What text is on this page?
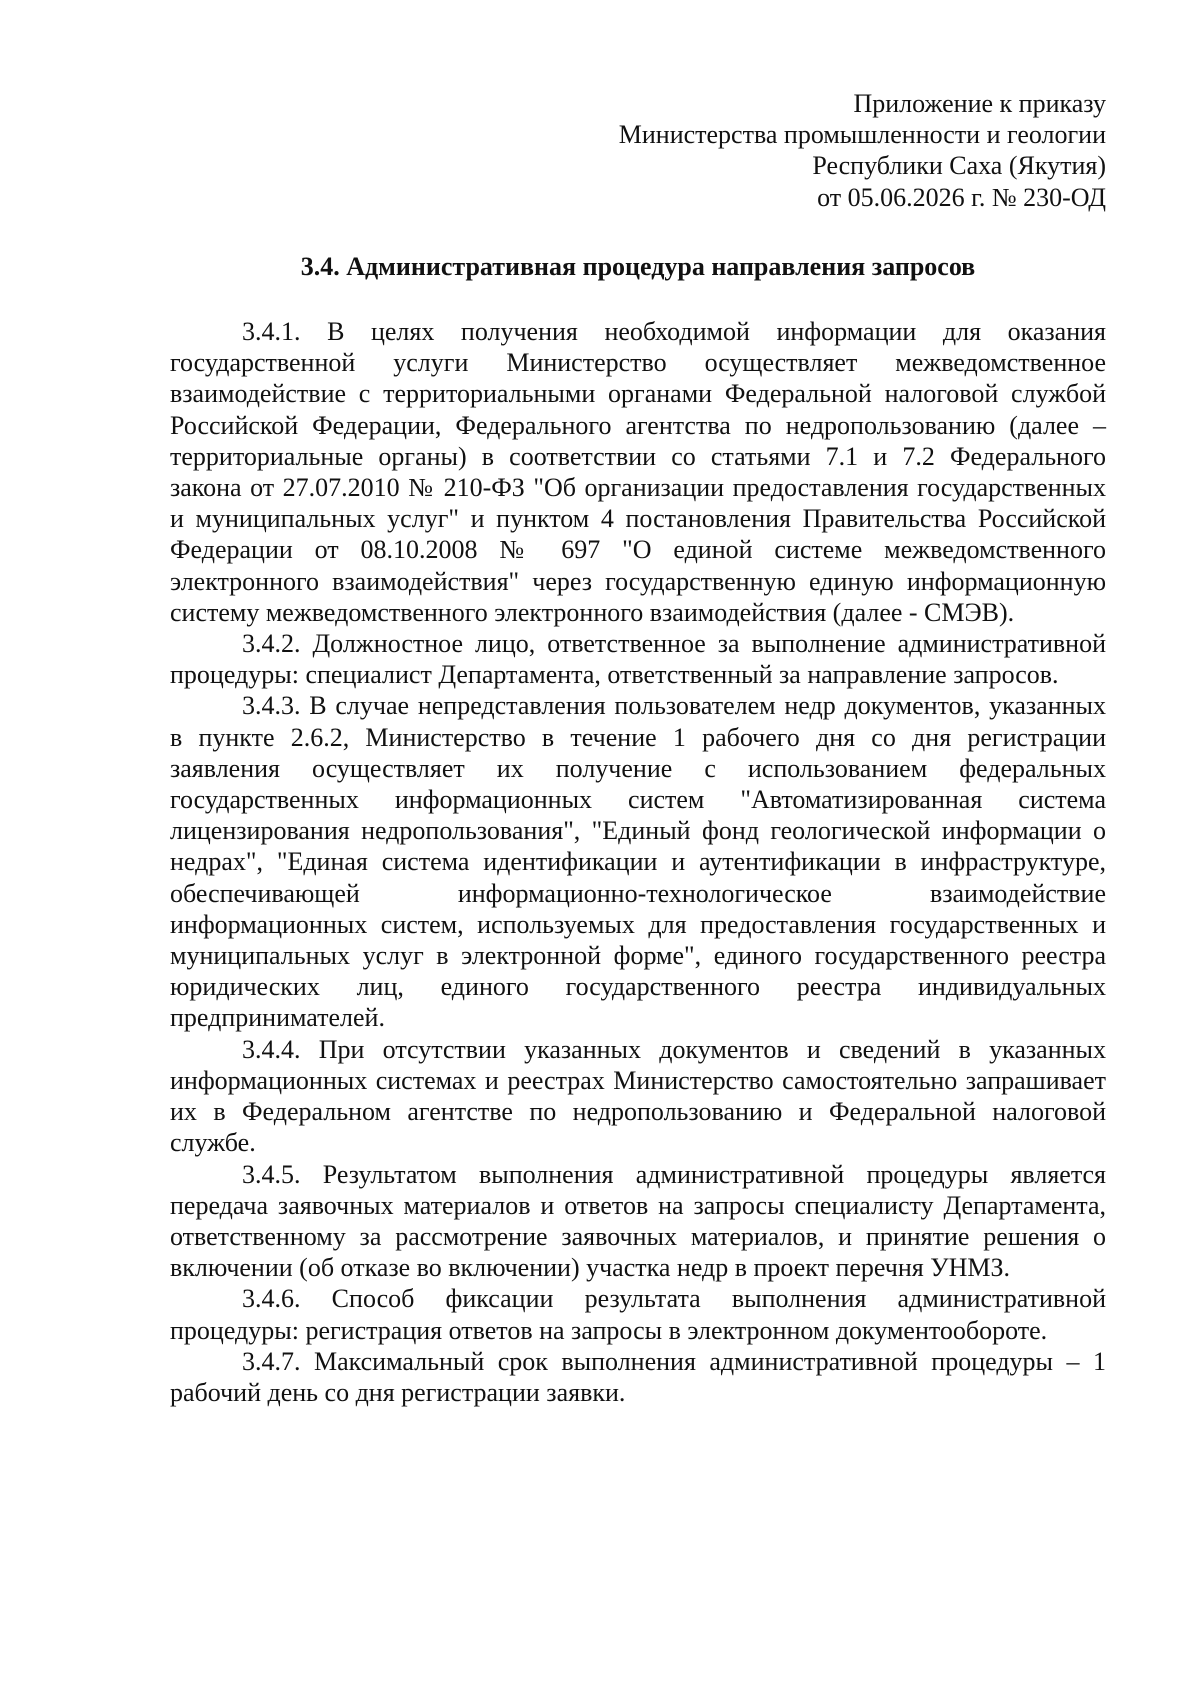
Приложение к приказу
Министерства промышленности и геологии
Республики Саха (Якутия)
от 05.06.2026 г. № 230-ОД
3.4. Административная процедура направления запросов

3.4.1. В целях получения необходимой информации для оказания государственной услуги Министерство осуществляет межведомственное взаимодействие с территориальными органами Федеральной налоговой службой Российской Федерации, Федерального агентства по недропользованию (далее – территориальные органы) в соответствии со статьями 7.1 и 7.2 Федерального закона от 27.07.2010 № 210-ФЗ "Об организации предоставления государственных и муниципальных услуг" и пунктом 4 постановления Правительства Российской Федерации от 08.10.2008 № 697 "О единой системе межведомственного электронного взаимодействия" через государственную единую информационную систему межведомственного электронного взаимодействия (далее - СМЭВ).

3.4.2. Должностное лицо, ответственное за выполнение административной процедуры: специалист Департамента, ответственный за направление запросов.

3.4.3. В случае непредставления пользователем недр документов, указанных в пункте 2.6.2, Министерство в течение 1 рабочего дня со дня регистрации заявления осуществляет их получение с использованием федеральных государственных информационных систем "Автоматизированная система лицензирования недропользования", "Единый фонд геологической информации о недрах", "Единая система идентификации и аутентификации в инфраструктуре, обеспечивающей информационно-технологическое взаимодействие информационных систем, используемых для предоставления государственных и муниципальных услуг в электронной форме", единого государственного реестра юридических лиц, единого государственного реестра индивидуальных предпринимателей.

3.4.4. При отсутствии указанных документов и сведений в указанных информационных системах и реестрах Министерство самостоятельно запрашивает их в Федеральном агентстве по недропользованию и Федеральной налоговой службе.

3.4.5. Результатом выполнения административной процедуры является передача заявочных материалов и ответов на запросы специалисту Департамента, ответственному за рассмотрение заявочных материалов, и принятие решения о включении (об отказе во включении) участка недр в проект перечня УНМЗ.

3.4.6. Способ фиксации результата выполнения административной процедуры: регистрация ответов на запросы в электронном документообороте.

3.4.7. Максимальный срок выполнения административной процедуры – 1 рабочий день со дня регистрации заявки.
